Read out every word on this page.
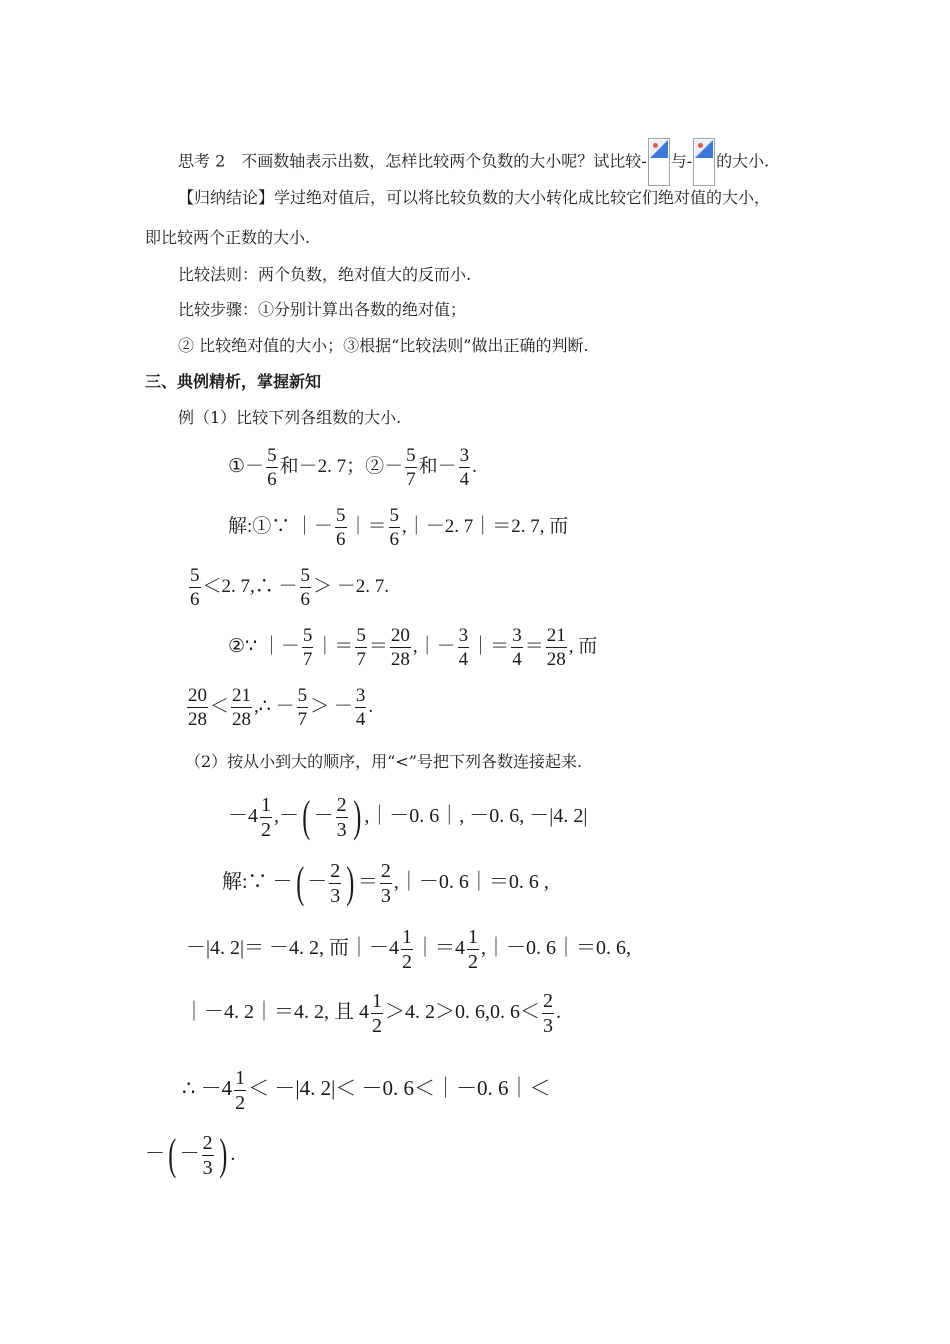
思考 2　不画数轴表示出数，怎样比较两个负数的大小呢？试比较- 与- 的大小.
【归纳结论】学过绝对值后，可以将比较负数的大小转化成比较它们绝对值的大小，
即比较两个正数的大小.
比较法则：两个负数，绝对值大的反而小.
比较步骤：①分别计算出各数的绝对值；
② 比较绝对值的大小；③根据“比较法则”做出正确的判断.
三、典例精析，掌握新知
例（1）比较下列各组数的大小.
①－ $\frac{5}{6}$ 和－2. 7；②－ $\frac{5}{7}$ 和－ $\frac{3}{4}$ .
解:①∵ ｜－ $\frac{5}{6}$ ｜＝ $\frac{5}{6}$ ,｜－2. 7｜＝2. 7, 而
$\frac{5}{6} <2$. 7,∴ － $\frac{5}{6} > -2$. 7.
②∵ ｜－ $\frac{5}{7}$ ｜＝ $\frac{5}{7} = \frac{20}{28}$ ,｜－ $\frac{3}{4}$ ｜＝ $\frac{3}{4} = \frac{21}{28}$ , 而
$\frac{20}{28} < \frac{21}{28}$ ,∴ － $\frac{5}{7}$ ＞ － $\frac{3}{4}$ .
（2）按从小到大的顺序，用“<”号把下列各数连接起来.
$-4 \frac{1}{2}$ ,－( － $\frac{2}{3}$ ) ,｜－0. 6｜, －0. 6, －|4. 2|
解:∵ －( － $\frac{2}{3}$ ) ＝ $\frac{2}{3}$ ,｜－0. 6｜＝0. 6 ,
－|4. 2|＝ －4. 2, 而｜－4 $\frac{1}{2}$ ｜＝4 $\frac{1}{2}$ ,｜－0. 6｜＝0. 6,
｜－4. 2｜＝4. 2, 且 $4 \frac{1}{2} >4$. 2＞0. 6,0. $6< \frac{2}{3}$ .
∴ $-4 \frac{1}{2} < -|4$. 2|＜ －0. 6＜｜－0. 6｜＜
－( － $\frac{2}{3}$ ) .
